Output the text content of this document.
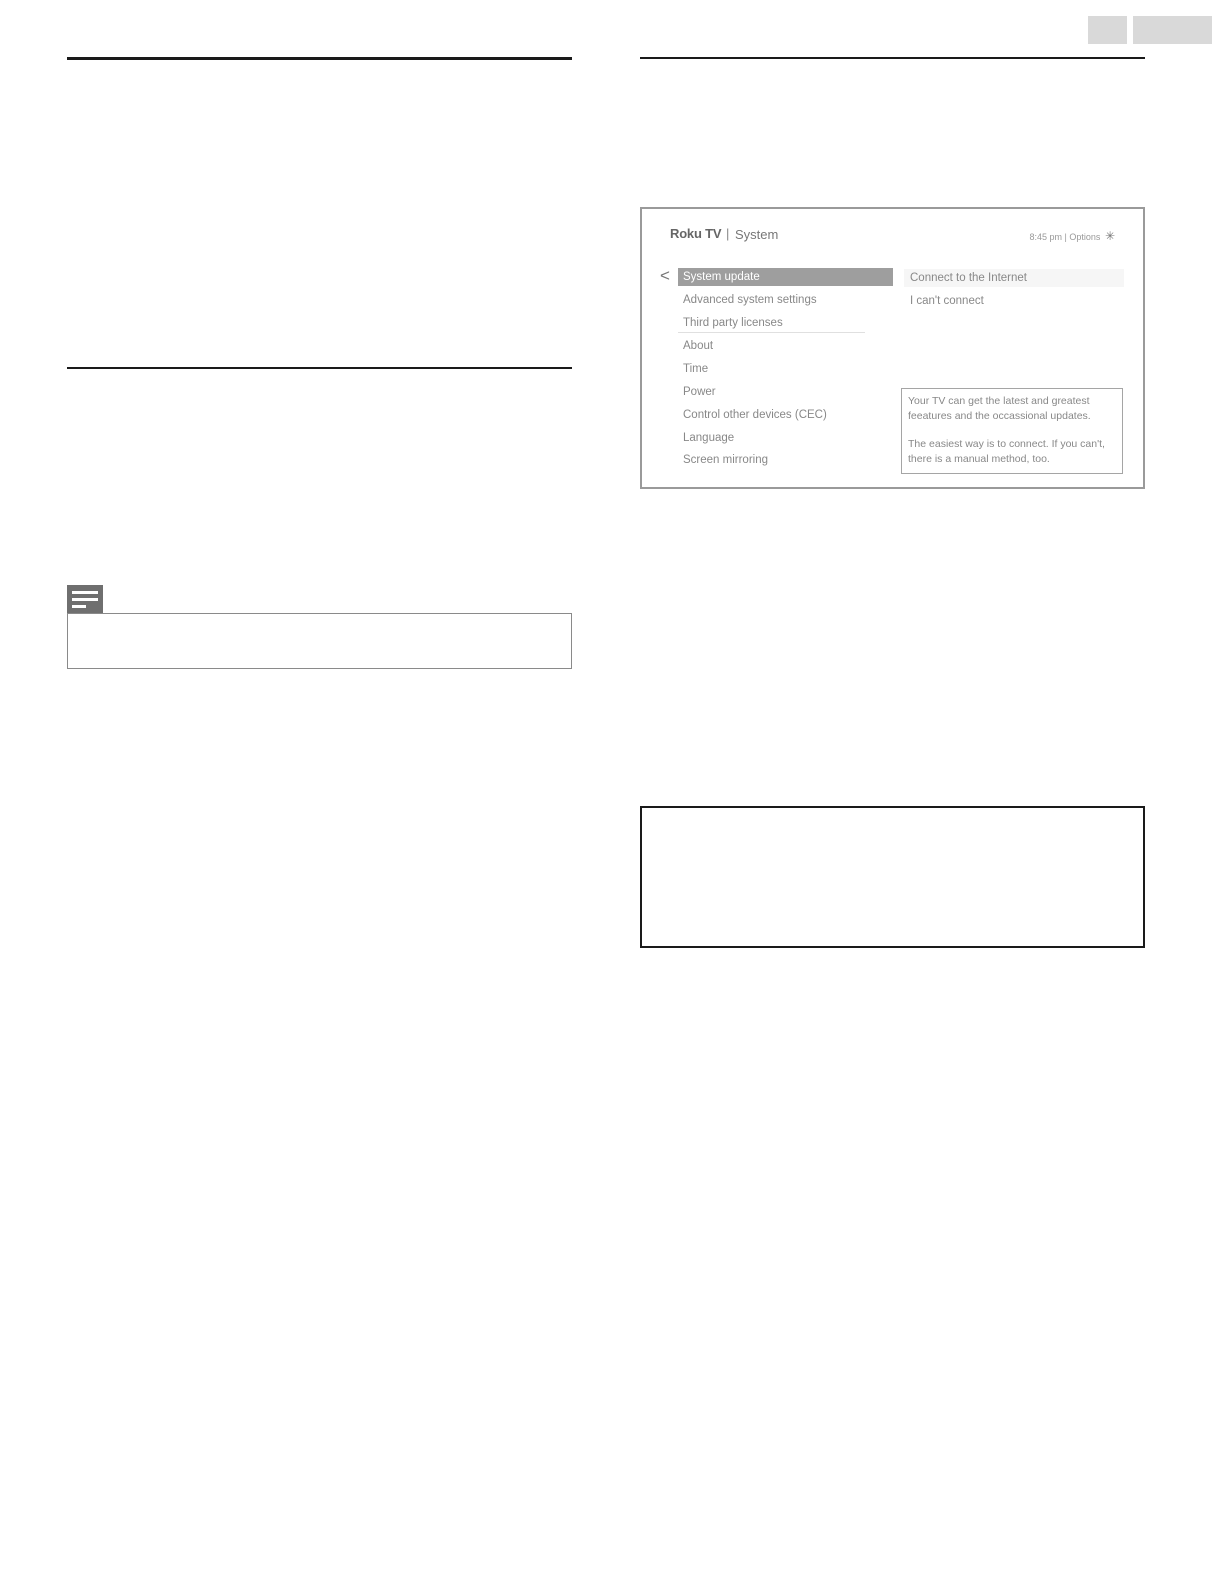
Roku TV | System	8:45 pm | Options ✳
<	System update
Advanced system settings
Third party licenses
About
Time
Power
Control other devices (CEC)
Language
Screen mirroring
Connect to the Internet
I can't connect

Your TV can get the latest and greatest feeatures and the occassional updates.

The easiest way is to connect. If you can't, there is a manual method, too.
